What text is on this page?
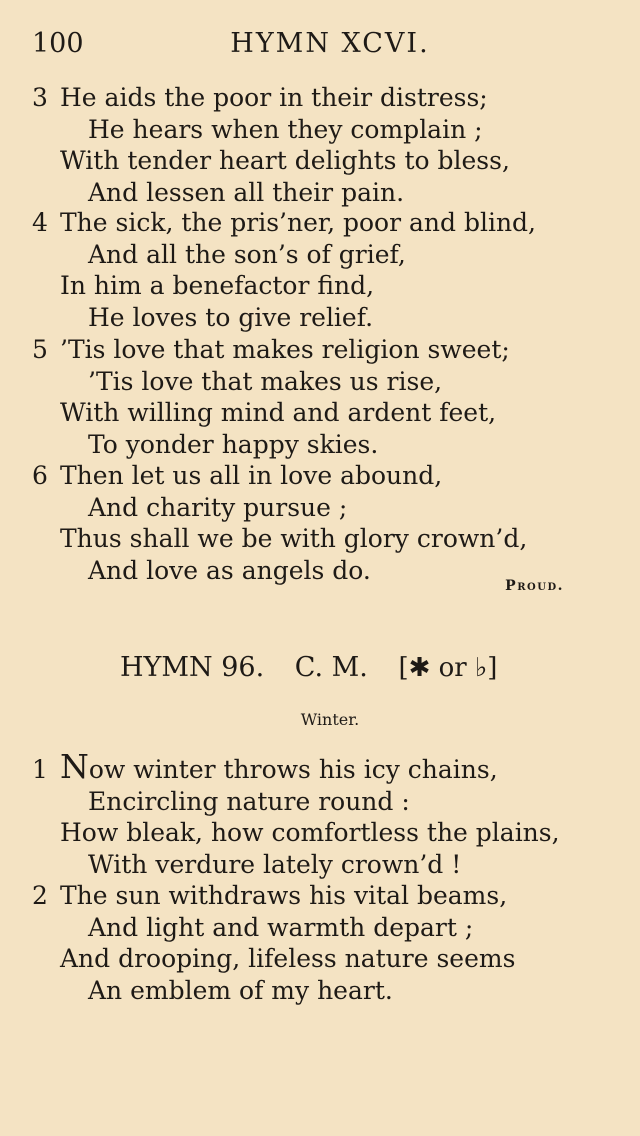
100	HYMN XCVI.
3 He aids the poor in their distress;
He hears when they complain ;
With tender heart delights to bless,
And lessen all their pain.
4 The sick, the pris’ner, poor and blind,
And all the son’s of grief,
In him a benefactor find,
He loves to give relief.
5 ’Tis love that makes religion sweet;
’Tis love that makes us rise,
With willing mind and ardent feet,
To yonder happy skies.
6 Then let us all in love abound,
And charity pursue ;
Thus shall we be with glory crown’d,
And love as angels do.
Proud.
HYMN 96. C. M. [✱ or ♭]
Winter.
1 Now winter throws his icy chains,
Encircling nature round :
How bleak, how comfortless the plains,
With verdure lately crown’d !
2 The sun withdraws his vital beams,
And light and warmth depart ;
And drooping, lifeless nature seems
An emblem of my heart.
